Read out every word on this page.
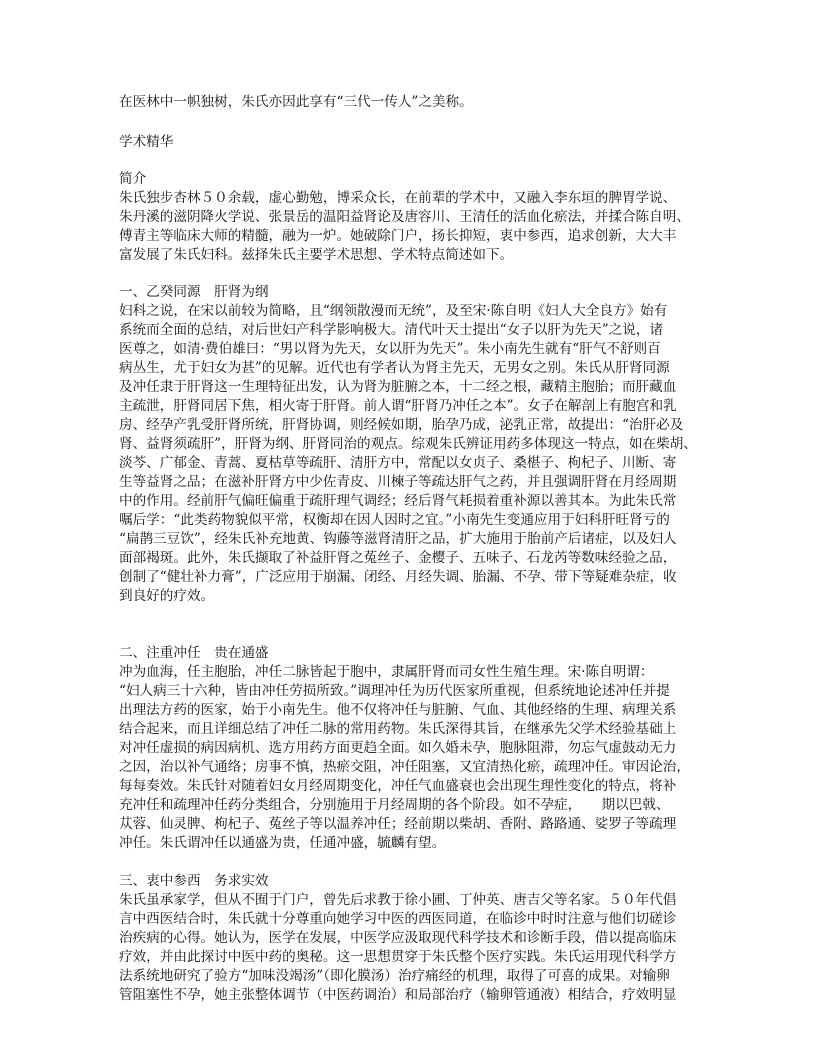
在医林中一帜独树，朱氏亦因此享有“三代一传人”之美称。
学术精华
简介
朱氏独步杏林５０余载，虚心勤勉，博采众长，在前辈的学术中，又融入李东垣的脾胃学说、
朱丹溪的滋阴降火学说、张景岳的温阳益肾论及唐容川、王清任的活血化瘀法，并揉合陈自明、
傅青主等临床大师的精髓，融为一炉。她破除门户，扬长抑短，衷中参西，追求创新，大大丰
富发展了朱氏妇科。兹择朱氏主要学术思想、学术特点简述如下。
一、乙癸同源　肝肾为纲
妇科之说，在宋以前较为简略，且“纲领散漫而无统”，及至宋·陈自明《妇人大全良方》始有
系统而全面的总结，对后世妇产科学影响极大。清代叶天士提出“女子以肝为先天”之说，诸
医尊之，如清·费伯雄曰：“男以肾为先天，女以肝为先天”。朱小南先生就有“肝气不舒则百
病丛生，尤于妇女为甚”的见解。近代也有学者认为肾主先天，无男女之别。朱氏从肝肾同源
及冲任隶于肝肾这一生理特征出发，认为肾为脏腑之本，十二经之根，藏精主胞胎；而肝藏血
主疏泄，肝肾同居下焦，相火寄于肝肾。前人谓“肝肾乃冲任之本”。女子在解剖上有胞宫和乳
房、经孕产乳受肝肾所统，肝肾协调，则经候如期，胎孕乃成，泌乳正常，故提出：“治肝必及
肾、益肾须疏肝”，肝肾为纲、肝肾同治的观点。综观朱氏辨证用药多体现这一特点，如在柴胡、
淡芩、广郁金、青蒿、夏枯草等疏肝、清肝方中，常配以女贞子、桑椹子、枸杞子、川断、寄
生等益肾之品；在滋补肝肾方中少佐青皮、川楝子等疏达肝气之药，并且强调肝肾在月经周期
中的作用。经前肝气偏旺偏重于疏肝理气调经；经后肾气耗损着重补源以善其本。为此朱氏常
嘱后学：“此类药物貌似平常，权衡却在因人因时之宜。”小南先生变通应用于妇科肝旺肾亏的
“扁鹊三豆饮”，经朱氏补充地黄、钩藤等滋肾清肝之品，扩大施用于胎前产后诸症，以及妇人
面部褐斑。此外，朱氏撷取了补益肝肾之菟丝子、金樱子、五味子、石龙芮等数味经验之品，
创制了“健壮补力膏”，广泛应用于崩漏、闭经、月经失调、胎漏、不孕、带下等疑难杂症，收
到良好的疗效。
二、注重冲任　贵在通盛
冲为血海，任主胞胎，冲任二脉皆起于胞中，隶属肝肾而司女性生殖生理。宋·陈自明谓：
“妇人病三十六种，皆由冲任劳损所致。”调理冲任为历代医家所重视，但系统地论述冲任并提
出理法方药的医家，始于小南先生。他不仅将冲任与脏腑、气血、其他经络的生理、病理关系
结合起来，而且详细总结了冲任二脉的常用药物。朱氏深得其旨，在继承先父学术经验基础上
对冲任虚损的病因病机、选方用药方面更趋全面。如久婚未孕，胞脉阻滞，勿忘气虚鼓动无力
之因，治以补气通络；房事不慎，热瘀交阻，冲任阻塞，又宜清热化瘀，疏理冲任。审因论治，
每每奏效。朱氏针对随着妇女月经周期变化，冲任气血盛衰也会出现生理性变化的特点，将补
充冲任和疏理冲任药分类组合，分别施用于月经周期的各个阶段。如不孕症，　　期以巴戟、
苁蓉、仙灵脾、枸杞子、菟丝子等以温养冲任；经前期以柴胡、香附、路路通、娑罗子等疏理
冲任。朱氏谓冲任以通盛为贵，任通冲盛，毓麟有望。
三、衷中参西　务求实效
朱氏虽承家学，但从不囿于门户，曾先后求教于徐小圃、丁仲英、唐吉父等名家。５０年代倡
言中西医结合时，朱氏就十分尊重向她学习中医的西医同道，在临诊中时时注意与他们切磋诊
治疾病的心得。她认为，医学在发展，中医学应汲取现代科学技术和诊断手段，借以提高临床
疗效，并由此探讨中医中药的奥秘。这一思想贯穿于朱氏整个医疗实践。朱氏运用现代科学方
法系统地研究了验方“加味没竭汤”（即化膜汤）治疗痛经的机理，取得了可喜的成果。对输卵
管阻塞性不孕，她主张整体调节（中医药调治）和局部治疗（输卵管通液）相结合，疗效明显
